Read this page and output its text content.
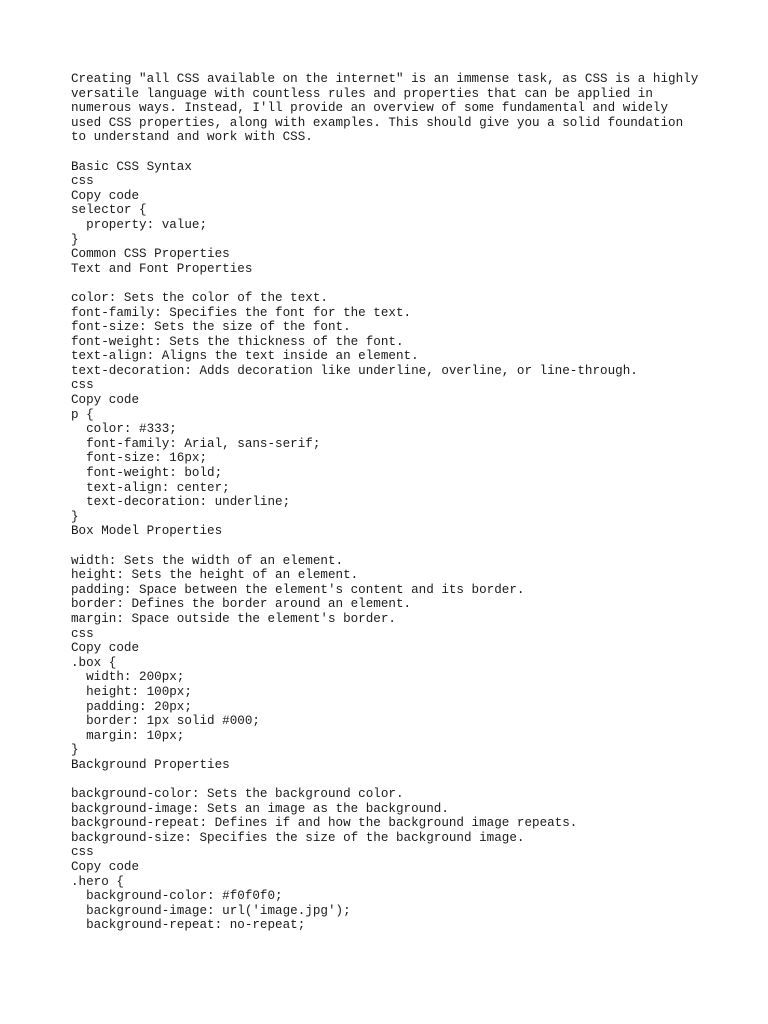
Creating "all CSS available on the internet" is an immense task, as CSS is a highly
versatile language with countless rules and properties that can be applied in
numerous ways. Instead, I'll provide an overview of some fundamental and widely
used CSS properties, along with examples. This should give you a solid foundation
to understand and work with CSS.
Basic CSS Syntax
css
Copy code
selector {
property: value;
}
Common CSS Properties
Text and Font Properties
color: Sets the color of the text.
font-family: Specifies the font for the text.
font-size: Sets the size of the font.
font-weight: Sets the thickness of the font.
text-align: Aligns the text inside an element.
text-decoration: Adds decoration like underline, overline, or line-through.
css
Copy code
p {
color: #333;
font-family: Arial, sans-serif;
font-size: 16px;
font-weight: bold;
text-align: center;
text-decoration: underline;
}
Box Model Properties
width: Sets the width of an element.
height: Sets the height of an element.
padding: Space between the element's content and its border.
border: Defines the border around an element.
margin: Space outside the element's border.
css
Copy code
.box {
width: 200px;
height: 100px;
padding: 20px;
border: 1px solid #000;
margin: 10px;
}
Background Properties
background-color: Sets the background color.
background-image: Sets an image as the background.
background-repeat: Defines if and how the background image repeats.
background-size: Specifies the size of the background image.
css
Copy code
.hero {
background-color: #f0f0f0;
background-image: url('image.jpg');
background-repeat: no-repeat;
